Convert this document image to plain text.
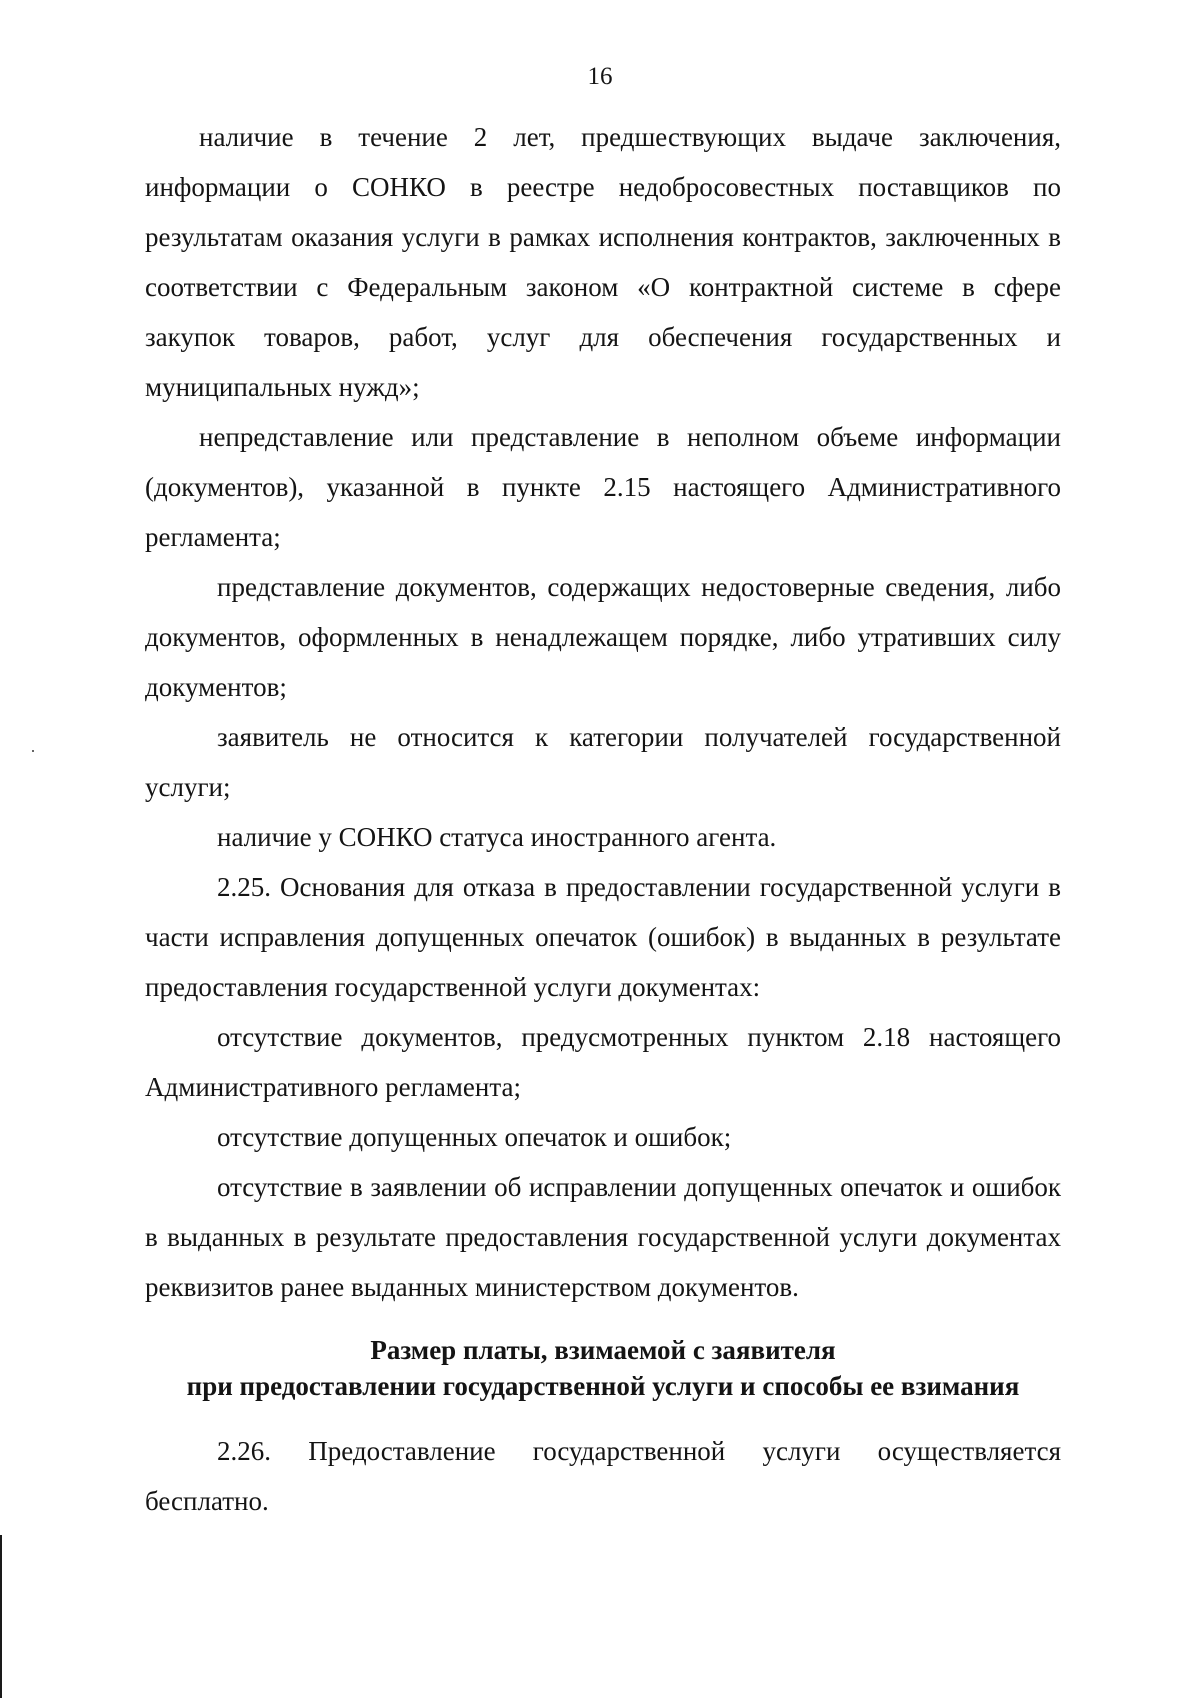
16

наличие в течение 2 лет, предшествующих выдаче заключения, информации о СОНКО в реестре недобросовестных поставщиков по результатам оказания услуги в рамках исполнения контрактов, заключенных в соответствии с Федеральным законом «О контрактной системе в сфере закупок товаров, работ, услуг для обеспечения государственных и муниципальных нужд»;

непредставление или представление в неполном объеме информации (документов), указанной в пункте 2.15 настоящего Административного регламента;

представление документов, содержащих недостоверные сведения, либо документов, оформленных в ненадлежащем порядке, либо утративших силу документов;

заявитель не относится к категории получателей государственной услуги;

наличие у СОНКО статуса иностранного агента.

2.25. Основания для отказа в предоставлении государственной услуги в части исправления допущенных опечаток (ошибок) в выданных в результате предоставления государственной услуги документах:

отсутствие документов, предусмотренных пунктом 2.18 настоящего Административного регламента;

отсутствие допущенных опечаток и ошибок;

отсутствие в заявлении об исправлении допущенных опечаток и ошибок в выданных в результате предоставления государственной услуги документах реквизитов ранее выданных министерством документов.

Размер платы, взимаемой с заявителя
при предоставлении государственной услуги и способы ее взимания

2.26. Предоставление государственной услуги осуществляется бесплатно.
